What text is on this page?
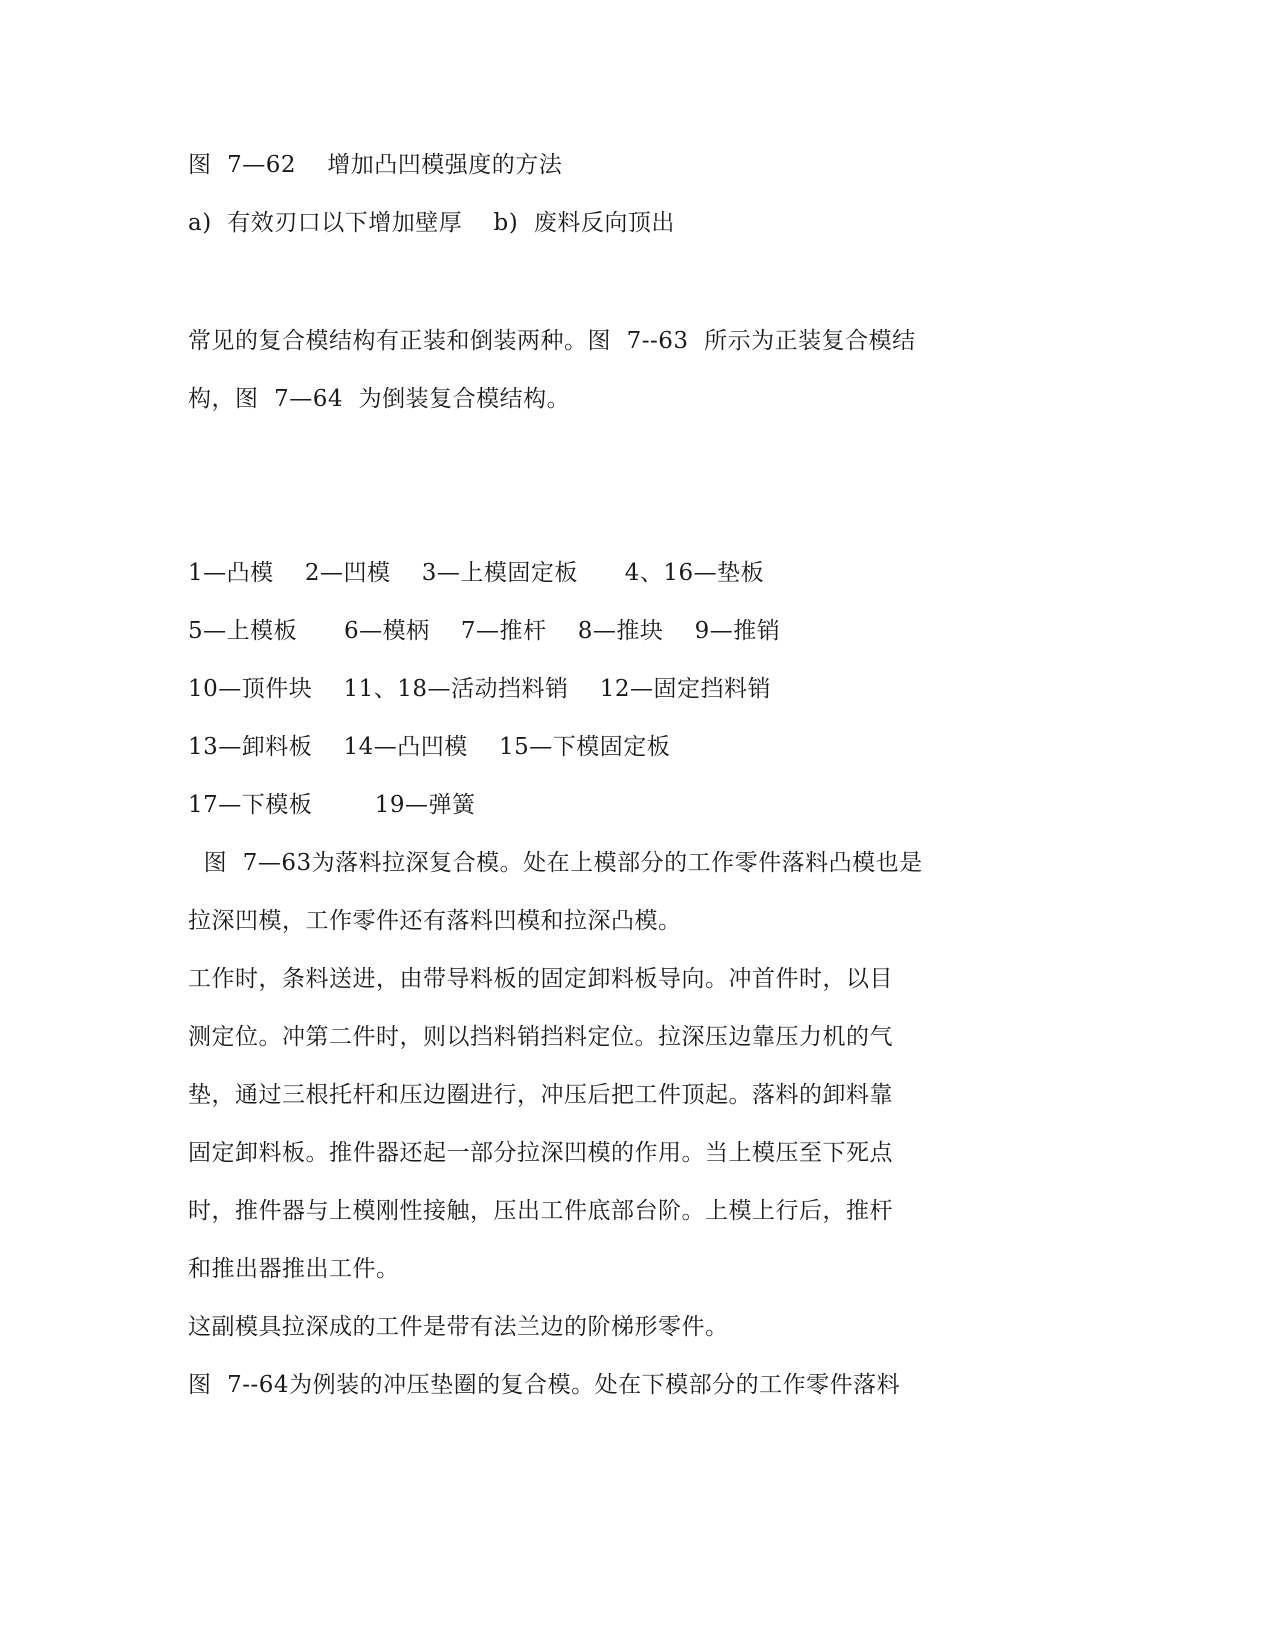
图  7—62    增加凸凹模强度的方法
a)  有效刃口以下增加壁厚    b)  废料反向顶出
常见的复合模结构有正装和倒装两种。图  7--63  所示为正装复合模结
构，图  7—64  为倒装复合模结构。
1—凸模    2—凹模    3—上模固定板      4、16—垫板
5—上模板      6—模柄    7—推杆    8—推块    9—推销
10—顶件块    11、18—活动挡料销    12—固定挡料销
13—卸料板    14—凸凹模    15—下模固定板
17—下模板        19—弹簧
图  7—63为落料拉深复合模。处在上模部分的工作零件落料凸模也是
拉深凹模，工作零件还有落料凹模和拉深凸模。
工作时，条料送进，由带导料板的固定卸料板导向。冲首件时，以目
测定位。冲第二件时，则以挡料销挡料定位。拉深压边靠压力机的气
垫，通过三根托杆和压边圈进行，冲压后把工件顶起。落料的卸料靠
固定卸料板。推件器还起一部分拉深凹模的作用。当上模压至下死点
时，推件器与上模刚性接触，压出工件底部台阶。上模上行后，推杆
和推出器推出工件。
这副模具拉深成的工件是带有法兰边的阶梯形零件。
图  7--64为例装的冲压垫圈的复合模。处在下模部分的工作零件落料
